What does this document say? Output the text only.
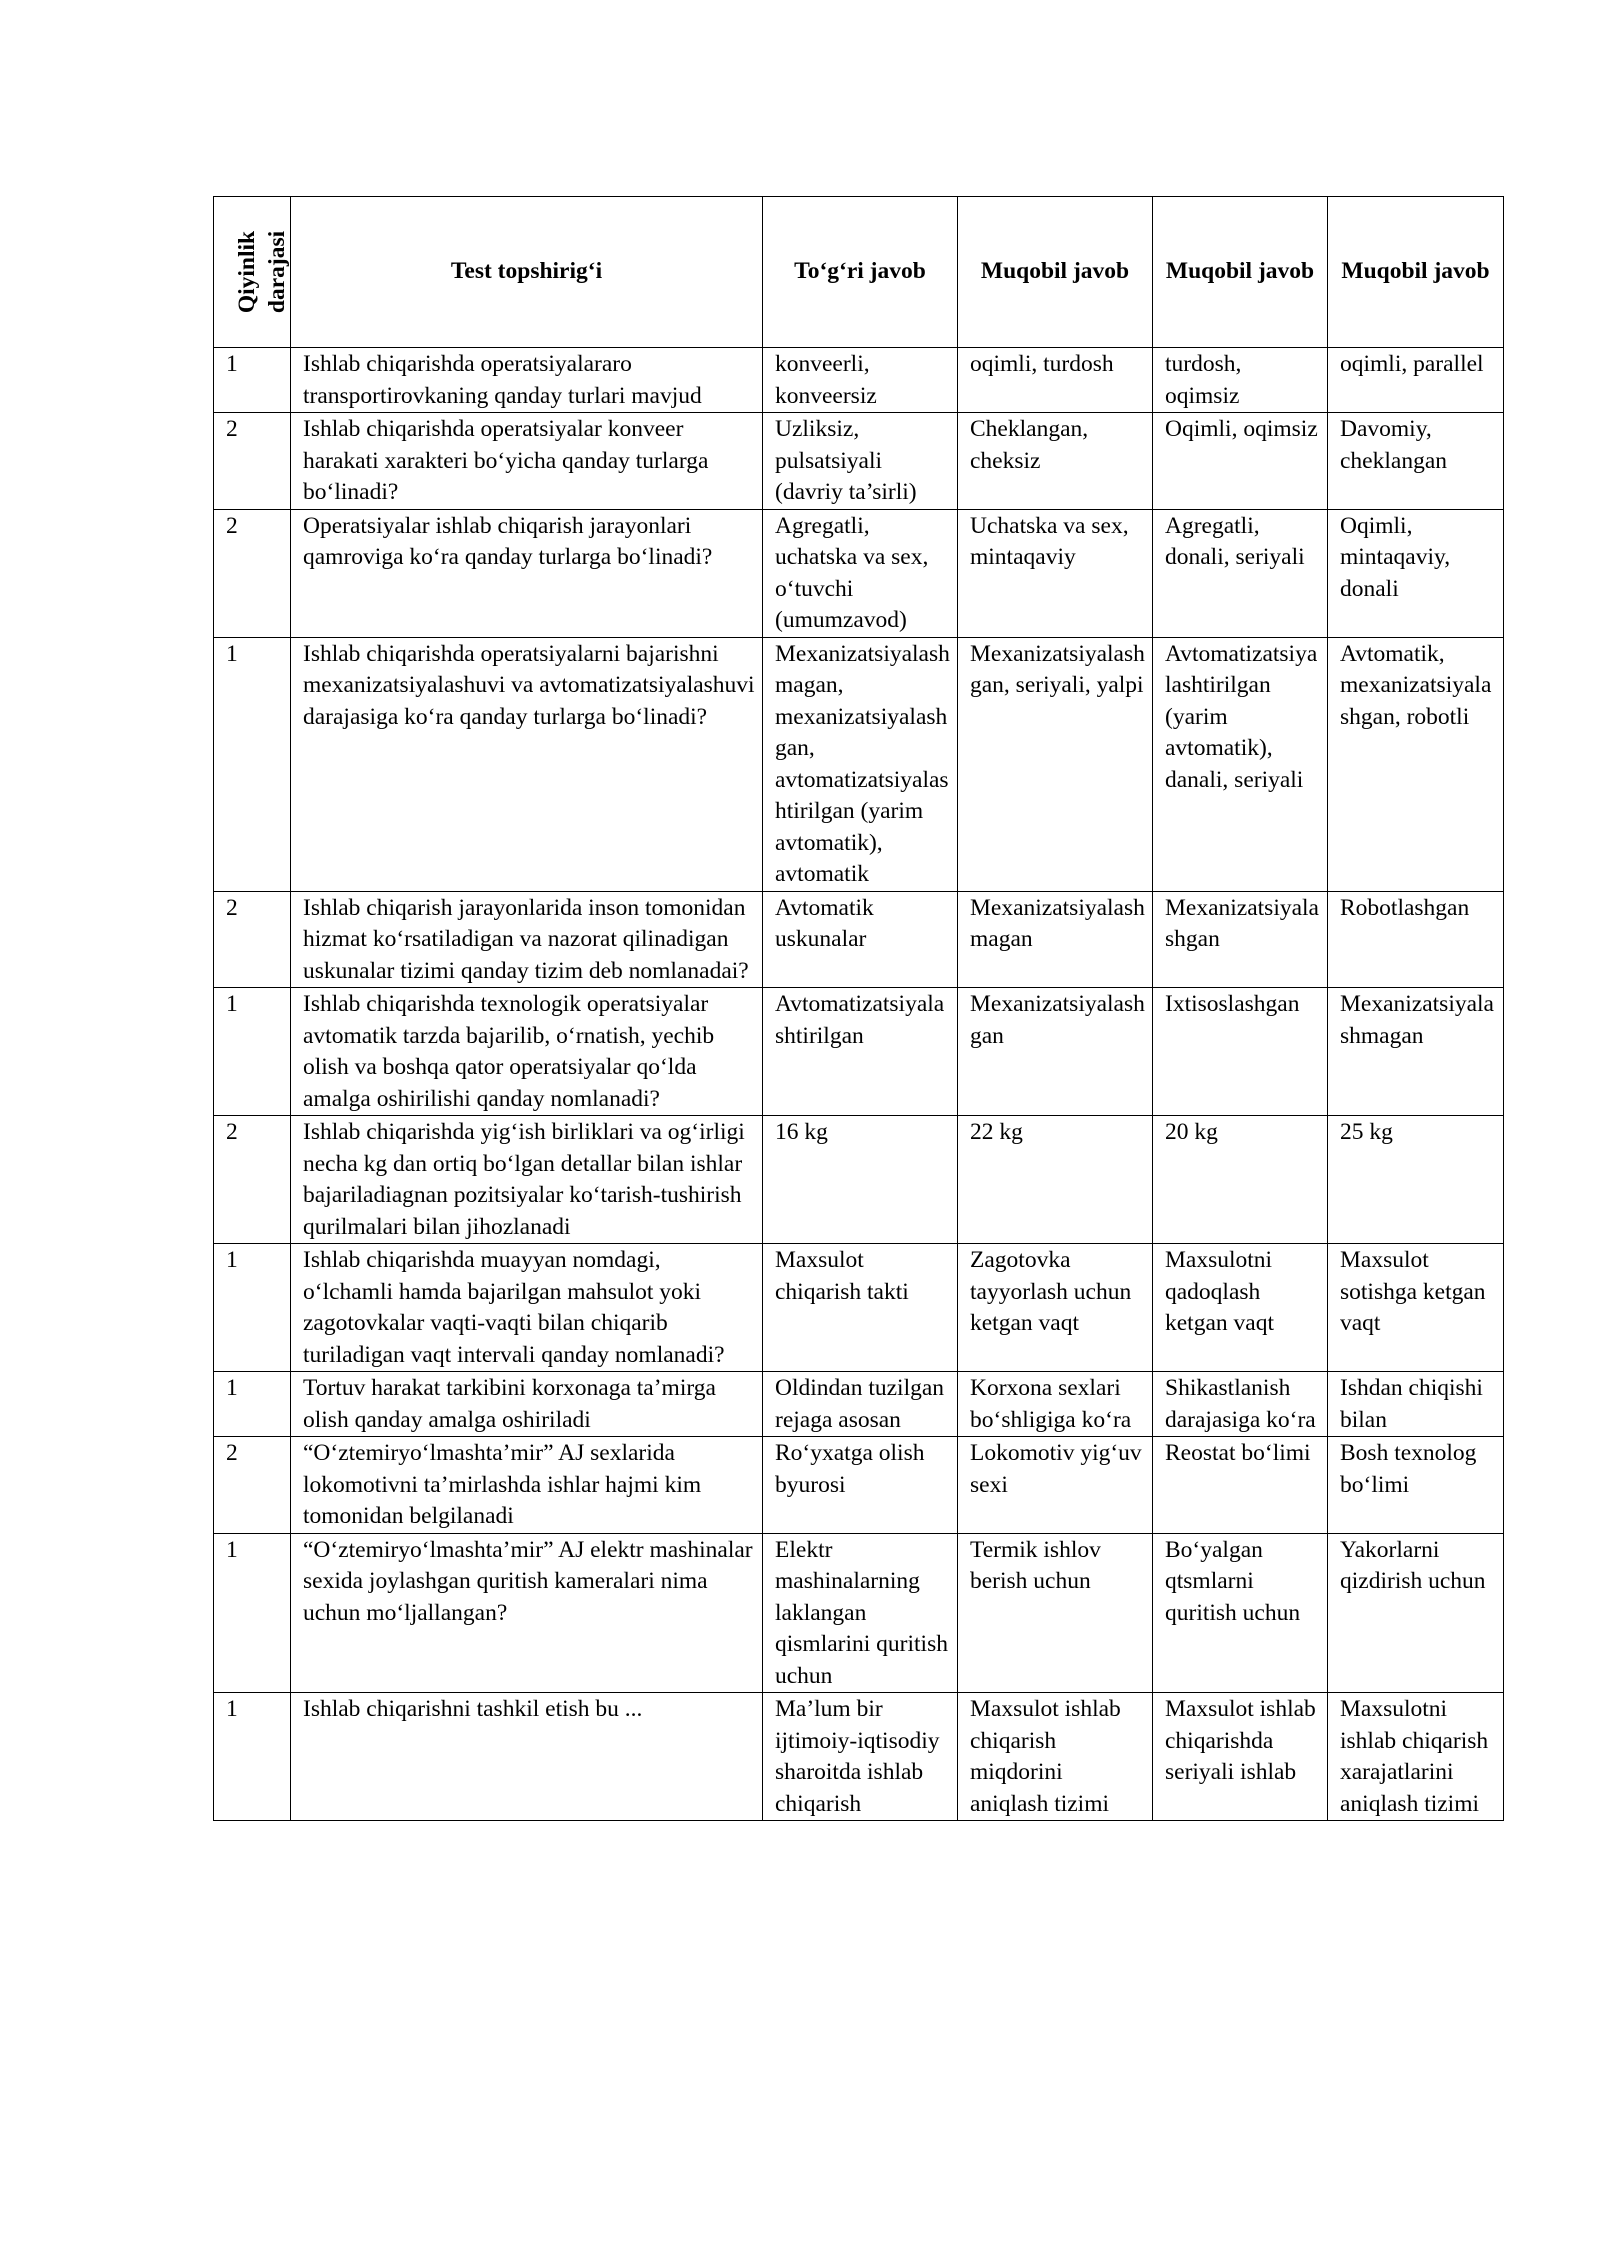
Qiyinlik darajasi	Test topshirig‘i	To‘g‘ri javob	Muqobil javob	Muqobil javob	Muqobil javob
1	Ishlab chiqarishda operatsiyalararo transportirovkaning qanday turlari mavjud	konveerli, konveersiz	oqimli, turdosh	turdosh, oqimsiz	oqimli, parallel
2	Ishlab chiqarishda operatsiyalar konveer harakati xarakteri bo‘yicha qanday turlarga bo‘linadi?	Uzliksiz, pulsatsiyali (davriy ta’sirli)	Cheklangan, cheksiz	Oqimli, oqimsiz	Davomiy, cheklangan
2	Operatsiyalar ishlab chiqarish jarayonlari qamroviga ko‘ra qanday turlarga bo‘linadi?	Agregatli, uchatska va sex, o‘tuvchi (umumzavod)	Uchatska va sex, mintaqaviy	Agregatli, donali, seriyali	Oqimli, mintaqaviy, donali
1	Ishlab chiqarishda operatsiyalarni bajarishni mexanizatsiyalashuvi va avtomatizatsiyalashuvi darajasiga ko‘ra qanday turlarga bo‘linadi?	Mexanizatsiyalashmagan, mexanizatsiyalashgan, avtomatizatsiyalashtirilgan (yarim avtomatik), avtomatik	Mexanizatsiyalashgan, seriyali, yalpi	Avtomatizatsiyalashtirilgan (yarim avtomatik), danali, seriyali	Avtomatik, mexanizatsiyalashgan, robotli
2	Ishlab chiqarish jarayonlarida inson tomonidan hizmat ko‘rsatiladigan va nazorat qilinadigan uskunalar tizimi qanday tizim deb nomlanadai?	Avtomatik uskunalar	Mexanizatsiyalashmagan	Mexanizatsiyalashgan	Robotlashgan
1	Ishlab chiqarishda texnologik operatsiyalar avtomatik tarzda bajarilib, o‘rnatish, yechib olish va boshqa qator operatsiyalar qo‘lda amalga oshirilishi qanday nomlanadi?	Avtomatizatsiyalashtirilgan	Mexanizatsiyalashgan	Ixtisoslashgan	Mexanizatsiyalashmagan
2	Ishlab chiqarishda yig‘ish birliklari va og‘irligi necha kg dan ortiq bo‘lgan detallar bilan ishlar bajariladiagnan pozitsiyalar ko‘tarish-tushirish qurilmalari bilan jihozlanadi	16 kg	22 kg	20 kg	25 kg
1	Ishlab chiqarishda muayyan nomdagi, o‘lchamli hamda bajarilgan mahsulot yoki zagotovkalar vaqti-vaqti bilan chiqarib turiladigan vaqt intervali qanday nomlanadi?	Maxsulot chiqarish takti	Zagotovka tayyorlash uchun ketgan vaqt	Maxsulotni qadoqlash ketgan vaqt	Maxsulot sotishga ketgan vaqt
1	Tortuv harakat tarkibini korxonaga ta’mirga olish qanday amalga oshiriladi	Oldindan tuzilgan rejaga asosan	Korxona sexlari bo‘shligiga ko‘ra	Shikastlanish darajasiga ko‘ra	Ishdan chiqishi bilan
2	“O‘ztemiryo‘lmashta’mir” AJ sexlarida lokomotivni ta’mirlashda ishlar hajmi kim tomonidan belgilanadi	Ro‘yxatga olish byurosi	Lokomotiv yig‘uv sexi	Reostat bo‘limi	Bosh texnolog bo‘limi
1	“O‘ztemiryo‘lmashta’mir” AJ elektr mashinalar sexida joylashgan quritish kameralari nima uchun mo‘ljallangan?	Elektr mashinalarning laklangan qismlarini quritish uchun	Termik ishlov berish uchun	Bo‘yalgan qtsmlarni quritish uchun	Yakorlarni qizdirish uchun
1	Ishlab chiqarishni tashkil etish bu ...	Ma’lum bir ijtimoiy-iqtisodiy sharoitda ishlab chiqarish	Maxsulot ishlab chiqarish miqdorini aniqlash tizimi	Maxsulot ishlab chiqarishda seriyali ishlab	Maxsulotni ishlab chiqarish xarajatlarini aniqlash tizimi
